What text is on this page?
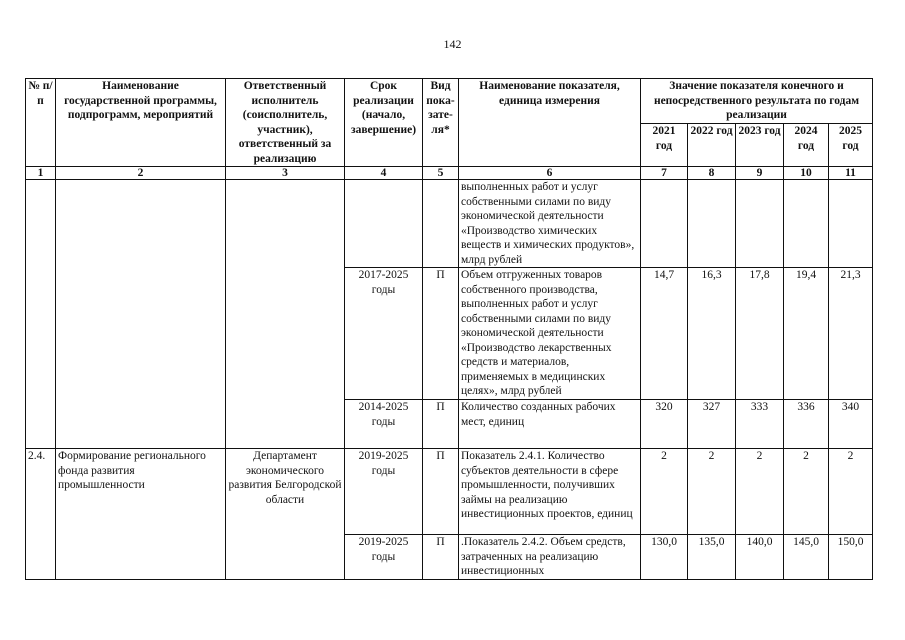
142
№ п/п	Наименование государственной программы, подпрограмм, мероприятий	Ответственный исполнитель (соисполнитель, участник), ответственный за реализацию	Срок реализации (начало, завершение)	Вид пока-зате-ля*	Наименование показателя, единица измерения	Значение показателя конечного и непосредственного результата по годам реализации				
						2021 год	2022 год	2023 год	2024 год	2025 год
1	2	3	4	5	6	7	8	9	10	11
					выполненных работ и услуг собственными силами по виду экономической деятельности «Производство химических веществ и химических продуктов», млрд рублей					
			2017-2025 годы	П	Объем отгруженных товаров собственного производства, выполненных работ и услуг собственными силами по виду экономической деятельности «Производство лекарственных средств и материалов, применяемых в медицинских целях», млрд рублей	14,7	16,3	17,8	19,4	21,3
			2014-2025 годы	П	Количество созданных рабочих мест, единиц	320	327	333	336	340
2.4.	Формирование регионального фонда развития промышленности	Департамент экономического развития Белгородской области	2019-2025 годы	П	Показатель 2.4.1. Количество субъектов деятельности в сфере промышленности, получивших займы на реализацию инвестиционных проектов, единиц	2	2	2	2	2
			2019-2025 годы	П	.Показатель 2.4.2. Объем средств, затраченных на реализацию инвестиционных	130,0	135,0	140,0	145,0	150,0
